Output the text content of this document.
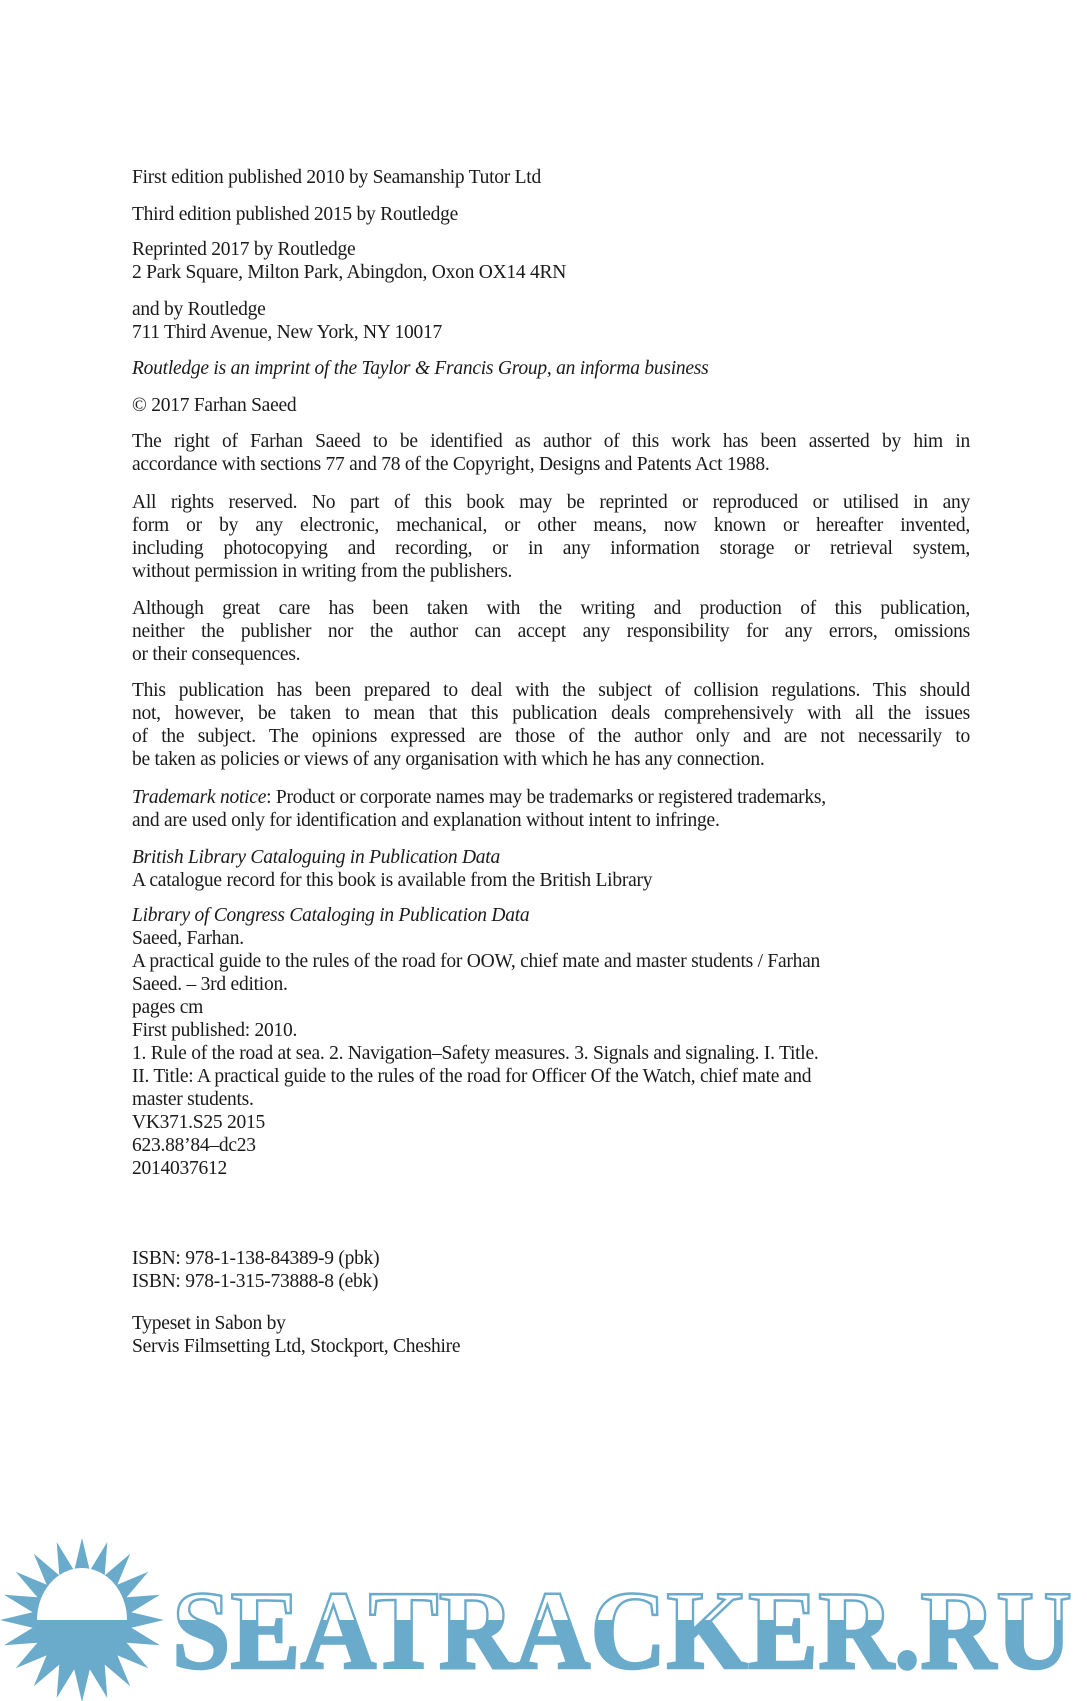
First edition published 2010 by Seamanship Tutor Ltd
Third edition published 2015 by Routledge
Reprinted 2017 by Routledge
2 Park Square, Milton Park, Abingdon, Oxon OX14 4RN
and by Routledge
711 Third Avenue, New York, NY 10017
Routledge is an imprint of the Taylor & Francis Group, an informa business
© 2017 Farhan Saeed
The right of Farhan Saeed to be identified as author of this work has been asserted by him in
accordance with sections 77 and 78 of the Copyright, Designs and Patents Act 1988.
All rights reserved. No part of this book may be reprinted or reproduced or utilised in any
form or by any electronic, mechanical, or other means, now known or hereafter invented,
including photocopying and recording, or in any information storage or retrieval system,
without permission in writing from the publishers.
Although great care has been taken with the writing and production of this publication,
neither the publisher nor the author can accept any responsibility for any errors, omissions
or their consequences.
This publication has been prepared to deal with the subject of collision regulations. This should
not, however, be taken to mean that this publication deals comprehensively with all the issues
of the subject. The opinions expressed are those of the author only and are not necessarily to
be taken as policies or views of any organisation with which he has any connection.
Trademark notice: Product or corporate names may be trademarks or registered trademarks,
and are used only for identification and explanation without intent to infringe.
British Library Cataloguing in Publication Data
A catalogue record for this book is available from the British Library
Library of Congress Cataloging in Publication Data
Saeed, Farhan.
A practical guide to the rules of the road for OOW, chief mate and master students / Farhan
Saeed. – 3rd edition.
pages cm
First published: 2010.
1. Rule of the road at sea. 2. Navigation–Safety measures. 3. Signals and signaling. I. Title.
II. Title: A practical guide to the rules of the road for Officer Of the Watch, chief mate and
master students.
VK371.S25 2015
623.88’84–dc23
2014037612
ISBN: 978-1-138-84389-9 (pbk)
ISBN: 978-1-315-73888-8 (ebk)
Typeset in Sabon by
Servis Filmsetting Ltd, Stockport, Cheshire
SEATRACKER.RU
